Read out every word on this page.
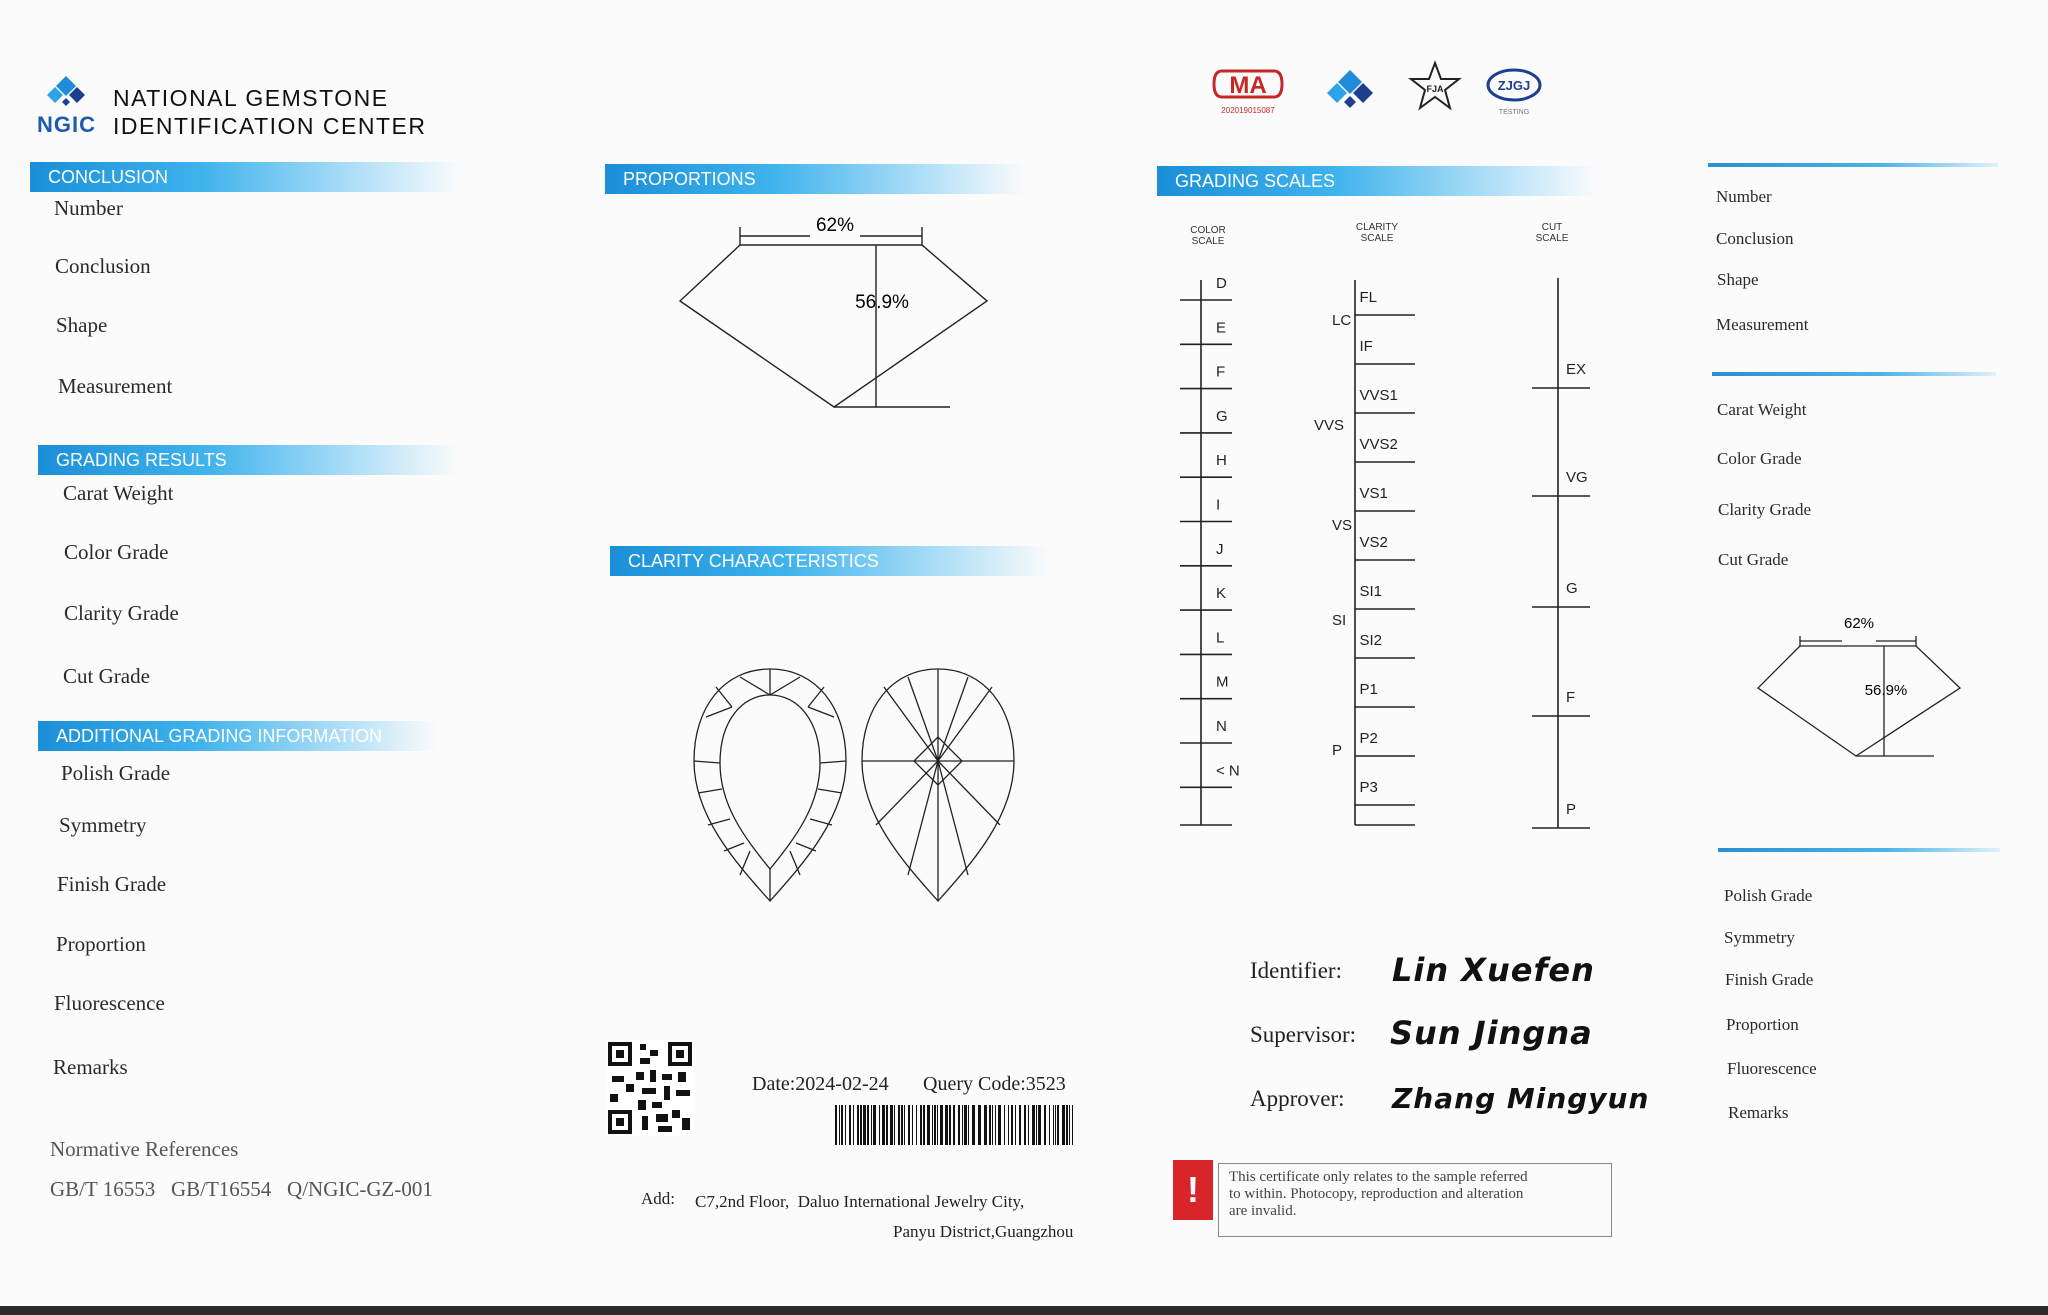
NGIC
NATIONAL GEMSTONE
IDENTIFICATION CENTER
CONCLUSION
Number
Conclusion
Shape
Measurement
GRADING RESULTS
Carat Weight
Color Grade
Clarity Grade
Cut Grade
ADDITIONAL GRADING INFORMATION
Polish Grade
Symmetry
Finish Grade
Proportion
Fluorescence
Remarks
Normative References
GB/T 16553   GB/T16554   Q/NGIC-GZ-001
PROPORTIONS
62%
56.9%
CLARITY CHARACTERISTICS
Date:2024-02-24 Query Code:3523
Add: C7,2nd Floor,  Daluo International Jewelry City,
Panyu District,Guangzhou
MA
202019015087
FJA	ZJGJ
TESTING
GRADING SCALES
COLOR SCALE
CLARITY SCALE
CUT SCALE
D
E
F
G
H
I
J
K
L
M
N
< N
FL
IF
VVS1
VVS2
VS1
VS2
SI1
SI2
P1
P2
P3
LC
VVS
VS
SI
P
EX
VG
G
F
P
Identifier: Lin Xuefen
Supervisor: Sun Jingna
Approver: Zhang Mingyun
!	This certificate only relates to the sample referred
to within. Photocopy, reproduction and alteration
are invalid.
Number
Conclusion
Shape
Measurement
Carat Weight
Color Grade
Clarity Grade
Cut Grade
62%
56.9%
Polish Grade
Symmetry
Finish Grade
Proportion
Fluorescence
Remarks
